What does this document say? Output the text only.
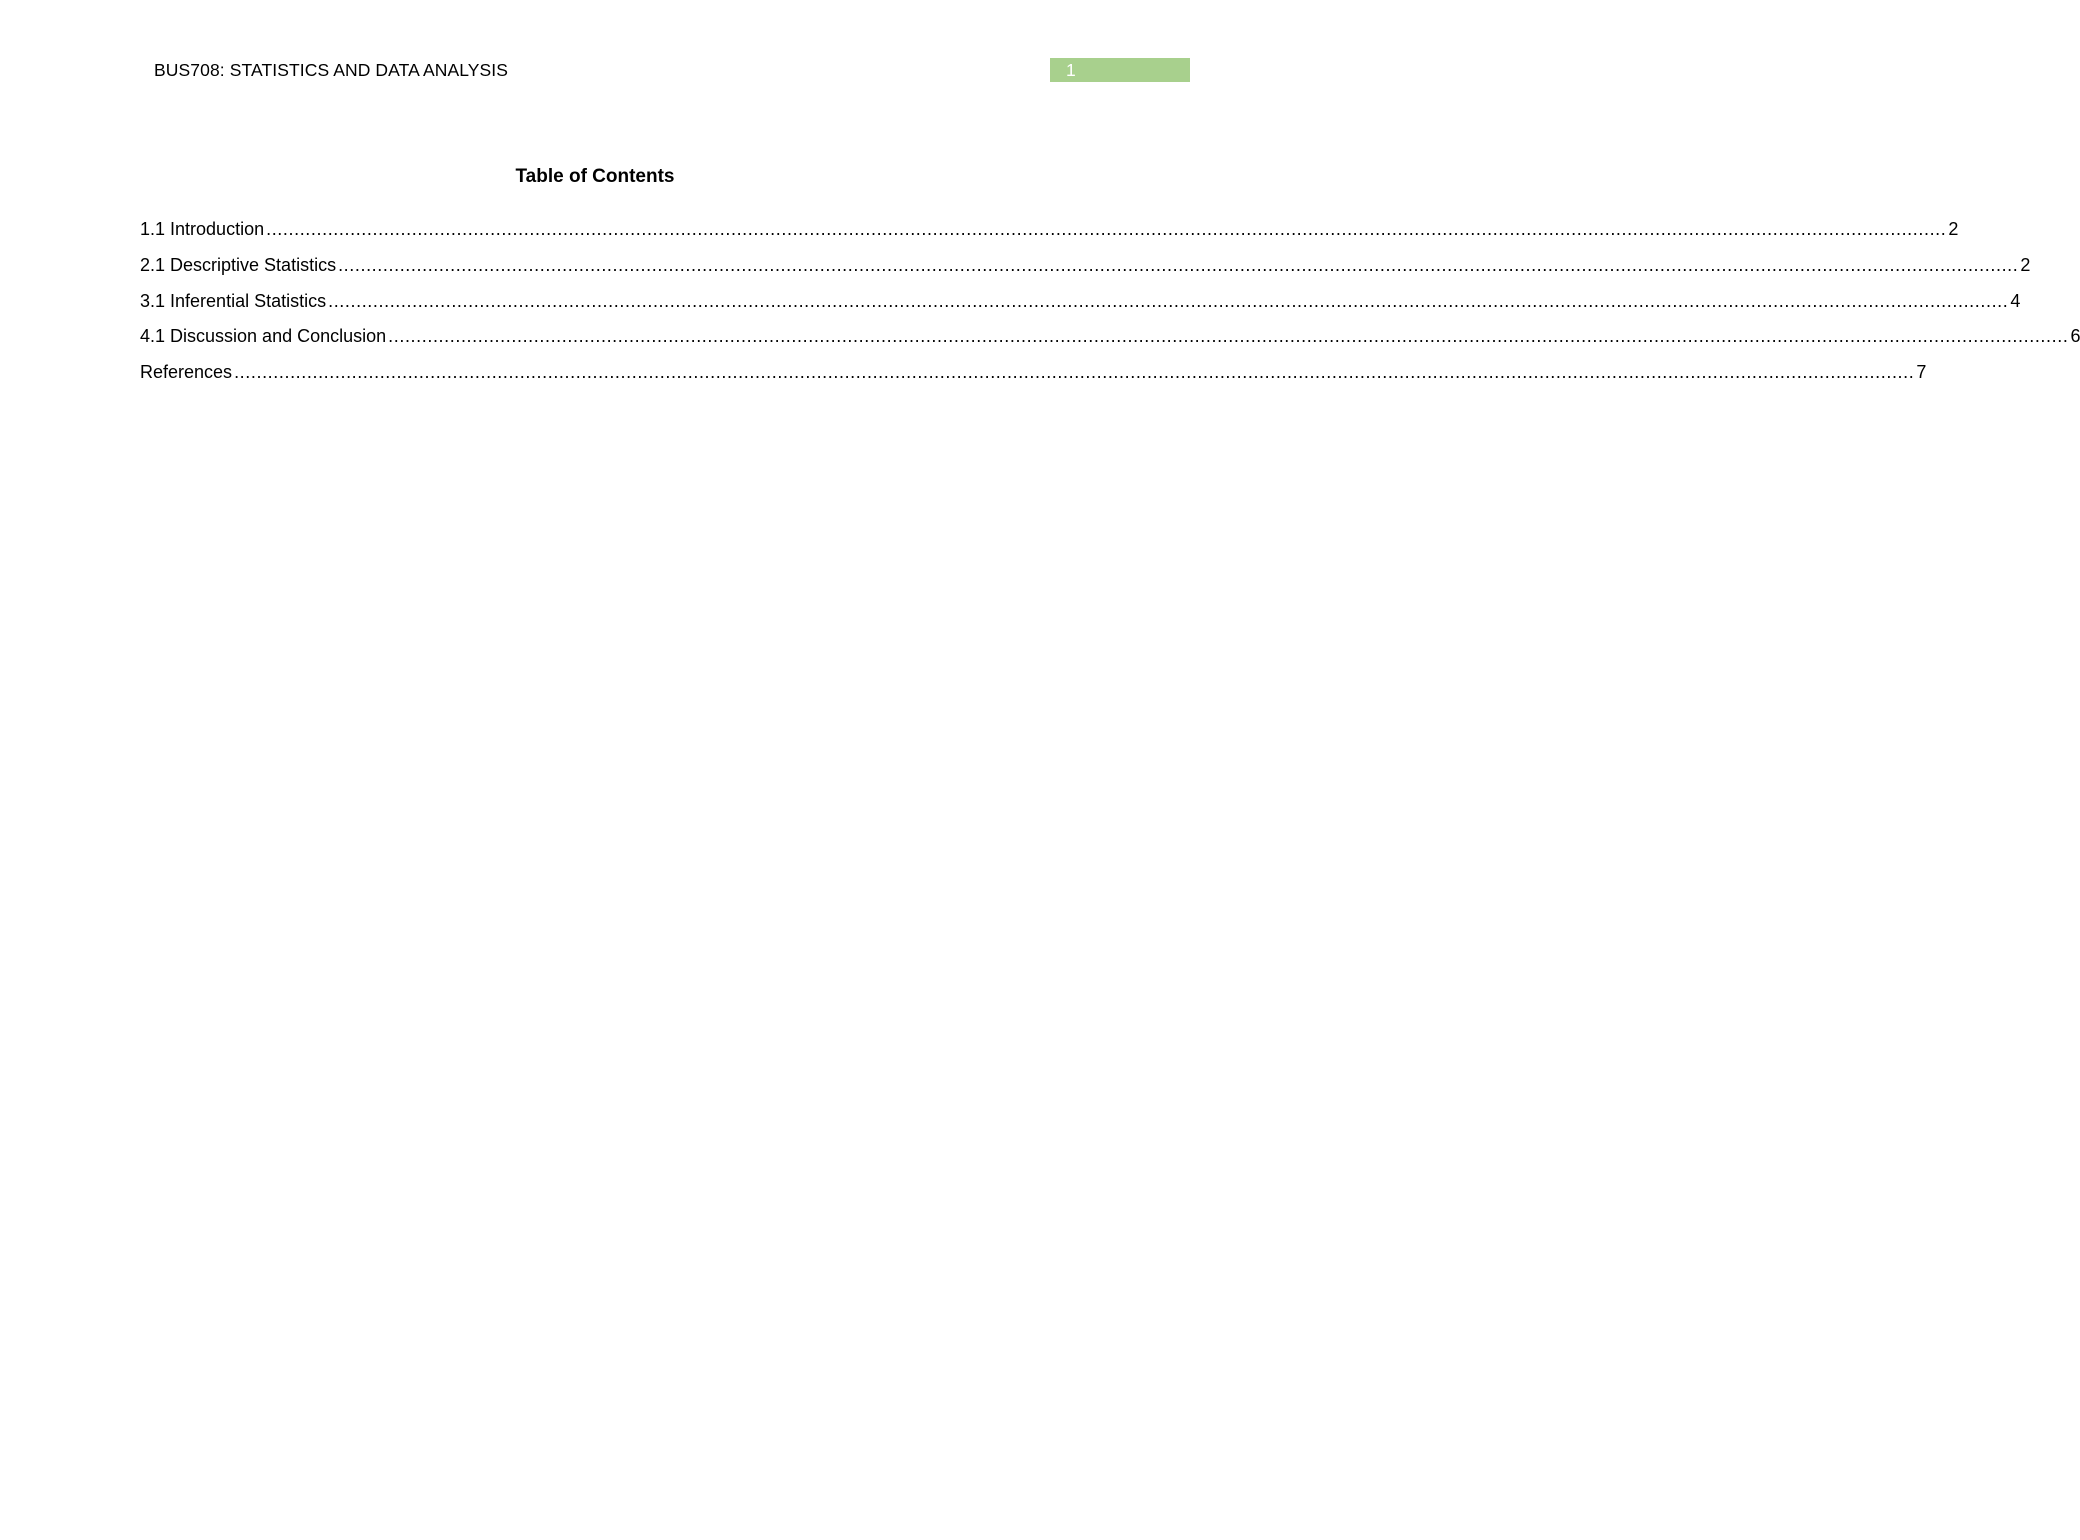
BUS708: STATISTICS AND DATA ANALYSIS	1
Table of Contents
1.1 Introduction ............................................................................................................................................................................................................................................................................................................ 2
2.1 Descriptive Statistics ............................................................................................................................................................................................................................................................................................................ 2
3.1 Inferential Statistics ............................................................................................................................................................................................................................................................................................................ 4
4.1 Discussion and Conclusion ............................................................................................................................................................................................................................................................................................................ 6
References ............................................................................................................................................................................................................................................................................................................ 7
